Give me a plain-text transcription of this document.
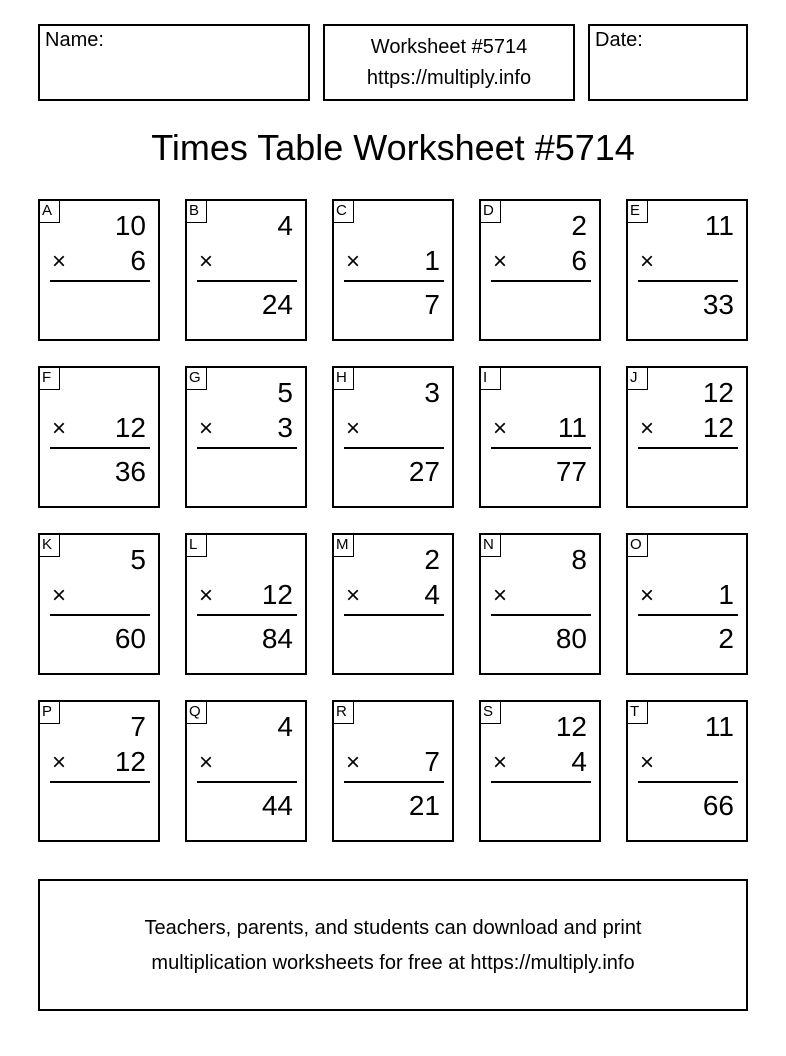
Name:	Worksheet #5714
https://multiply.info
Date:
Times Table Worksheet #5714
A 10
× 6
B	4
×
24
C
× 1
7
D	2
× 6
E 11
×
33
F
× 12
36
G	5
× 3
H	3
×
27
I
× 11
77
J	12
× 12
K	5
×
60
L
× 12
84
M	2
× 4
N	8
×
80
O
× 1
2
P	7
× 12
Q	4
×
44
R
× 7
21
S 12
× 4
T	11
×
66
Teachers, parents, and students can download and print
multiplication worksheets for free at https://multiply.info
